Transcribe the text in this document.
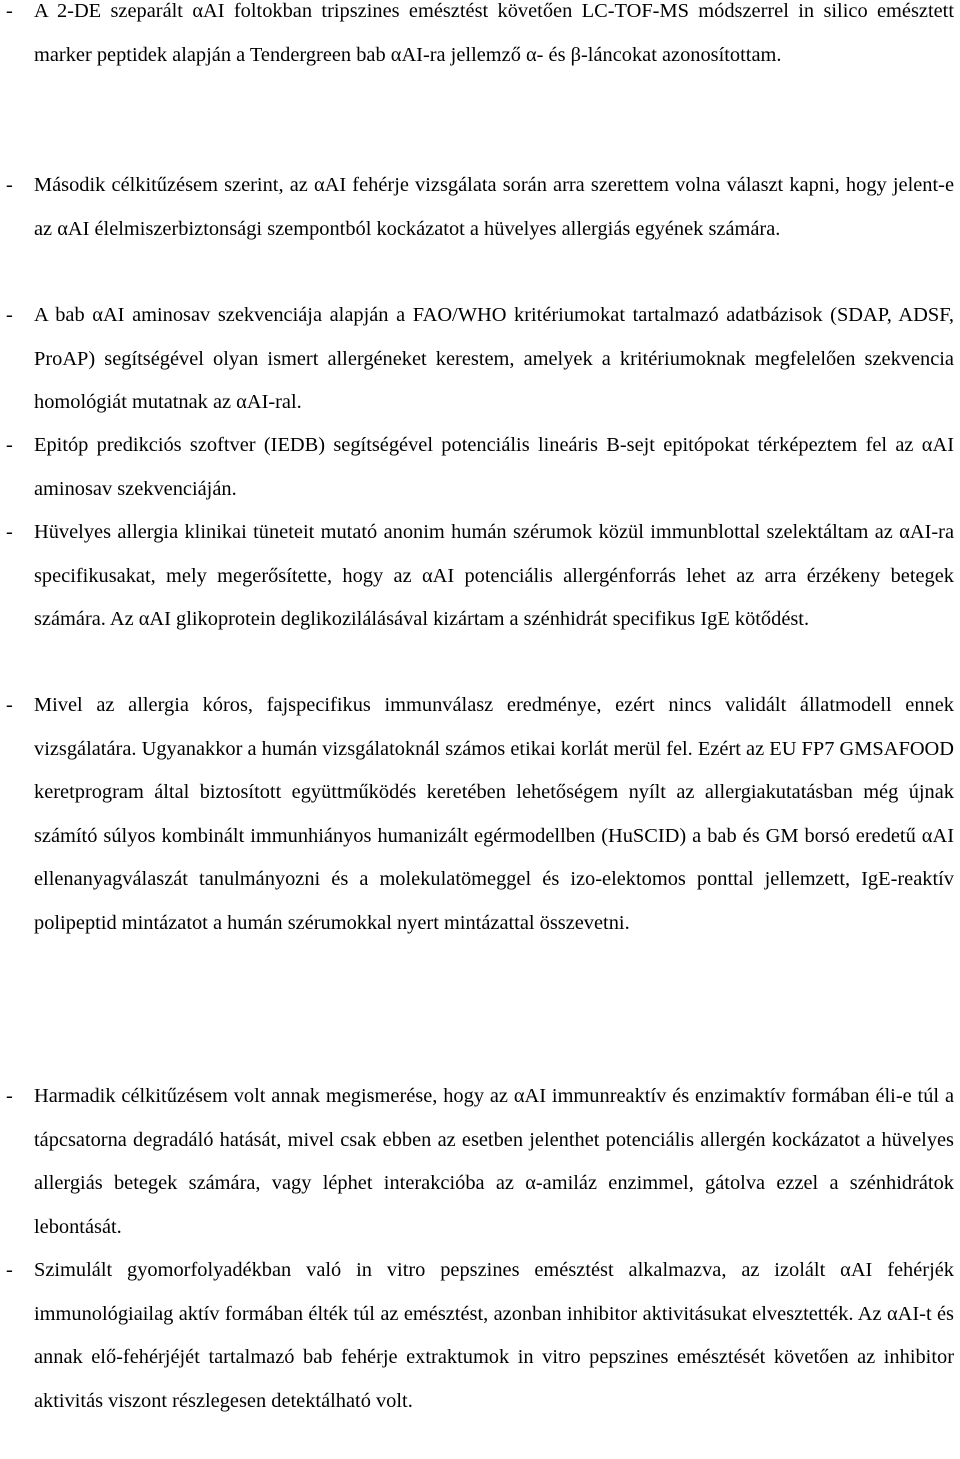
-	A 2-DE szeparált αAI foltokban tripszines emésztést követően LC-TOF-MS módszerrel in silico emésztett marker peptidek alapján a Tendergreen bab αAI-ra jellemző α- és β-láncokat azonosítottam.
-	Második célkitűzésem szerint, az αAI fehérje vizsgálata során arra szerettem volna választ kapni, hogy jelent-e az αAI élelmiszerbiztonsági szempontból kockázatot a hüvelyes allergiás egyének számára.
-	A bab αAI aminosav szekvenciája alapján a FAO/WHO kritériumokat tartalmazó adatbázisok (SDAP, ADSF, ProAP) segítségével olyan ismert allergéneket kerestem, amelyek a kritériumoknak megfelelően szekvencia homológiát mutatnak az αAI-ral.
-	Epitóp predikciós szoftver (IEDB) segítségével potenciális lineáris B-sejt epitópokat térképeztem fel az αAI aminosav szekvenciáján.
-	Hüvelyes allergia klinikai tüneteit mutató anonim humán szérumok közül immunblottal szelektáltam az αAI-ra specifikusakat, mely megerősítette, hogy az αAI potenciális allergénforrás lehet az arra érzékeny betegek számára. Az αAI glikoprotein deglikozilálásával kizártam a szénhidrát specifikus IgE kötődést.
-	Mivel az allergia kóros, fajspecifikus immunválasz eredménye, ezért nincs validált állatmodell ennek vizsgálatára. Ugyanakkor a humán vizsgálatoknál számos etikai korlát merül fel. Ezért az EU FP7 GMSAFOOD keretprogram által biztosított együttműködés keretében lehetőségem nyílt az allergiakutatásban még újnak számító súlyos kombinált immunhiányos humanizált egérmodellben (HuSCID) a bab és GM borsó eredetű αAI ellenanyagválaszát tanulmányozni és a molekulatömeggel és izo-elektomos ponttal jellemzett, IgE-reaktív polipeptid mintázatot a humán szérumokkal nyert mintázattal összevetni.
-	Harmadik célkitűzésem volt annak megismerése, hogy az αAI immunreaktív és enzimaktív formában éli-e túl a tápcsatorna degradáló hatását, mivel csak ebben az esetben jelenthet potenciális allergén kockázatot a hüvelyes allergiás betegek számára, vagy léphet interakcióba az α-amiláz enzimmel, gátolva ezzel a szénhidrátok lebontását.
-	Szimulált gyomorfolyadékban való in vitro pepszines emésztést alkalmazva, az izolált αAI fehérjék immunológiailag aktív formában élték túl az emésztést, azonban inhibitor aktivitásukat elvesztették. Az αAI-t és annak elő-fehérjéjét tartalmazó bab fehérje extraktumok in vitro pepszines emésztését követően az inhibitor aktivitás viszont részlegesen detektálható volt.
